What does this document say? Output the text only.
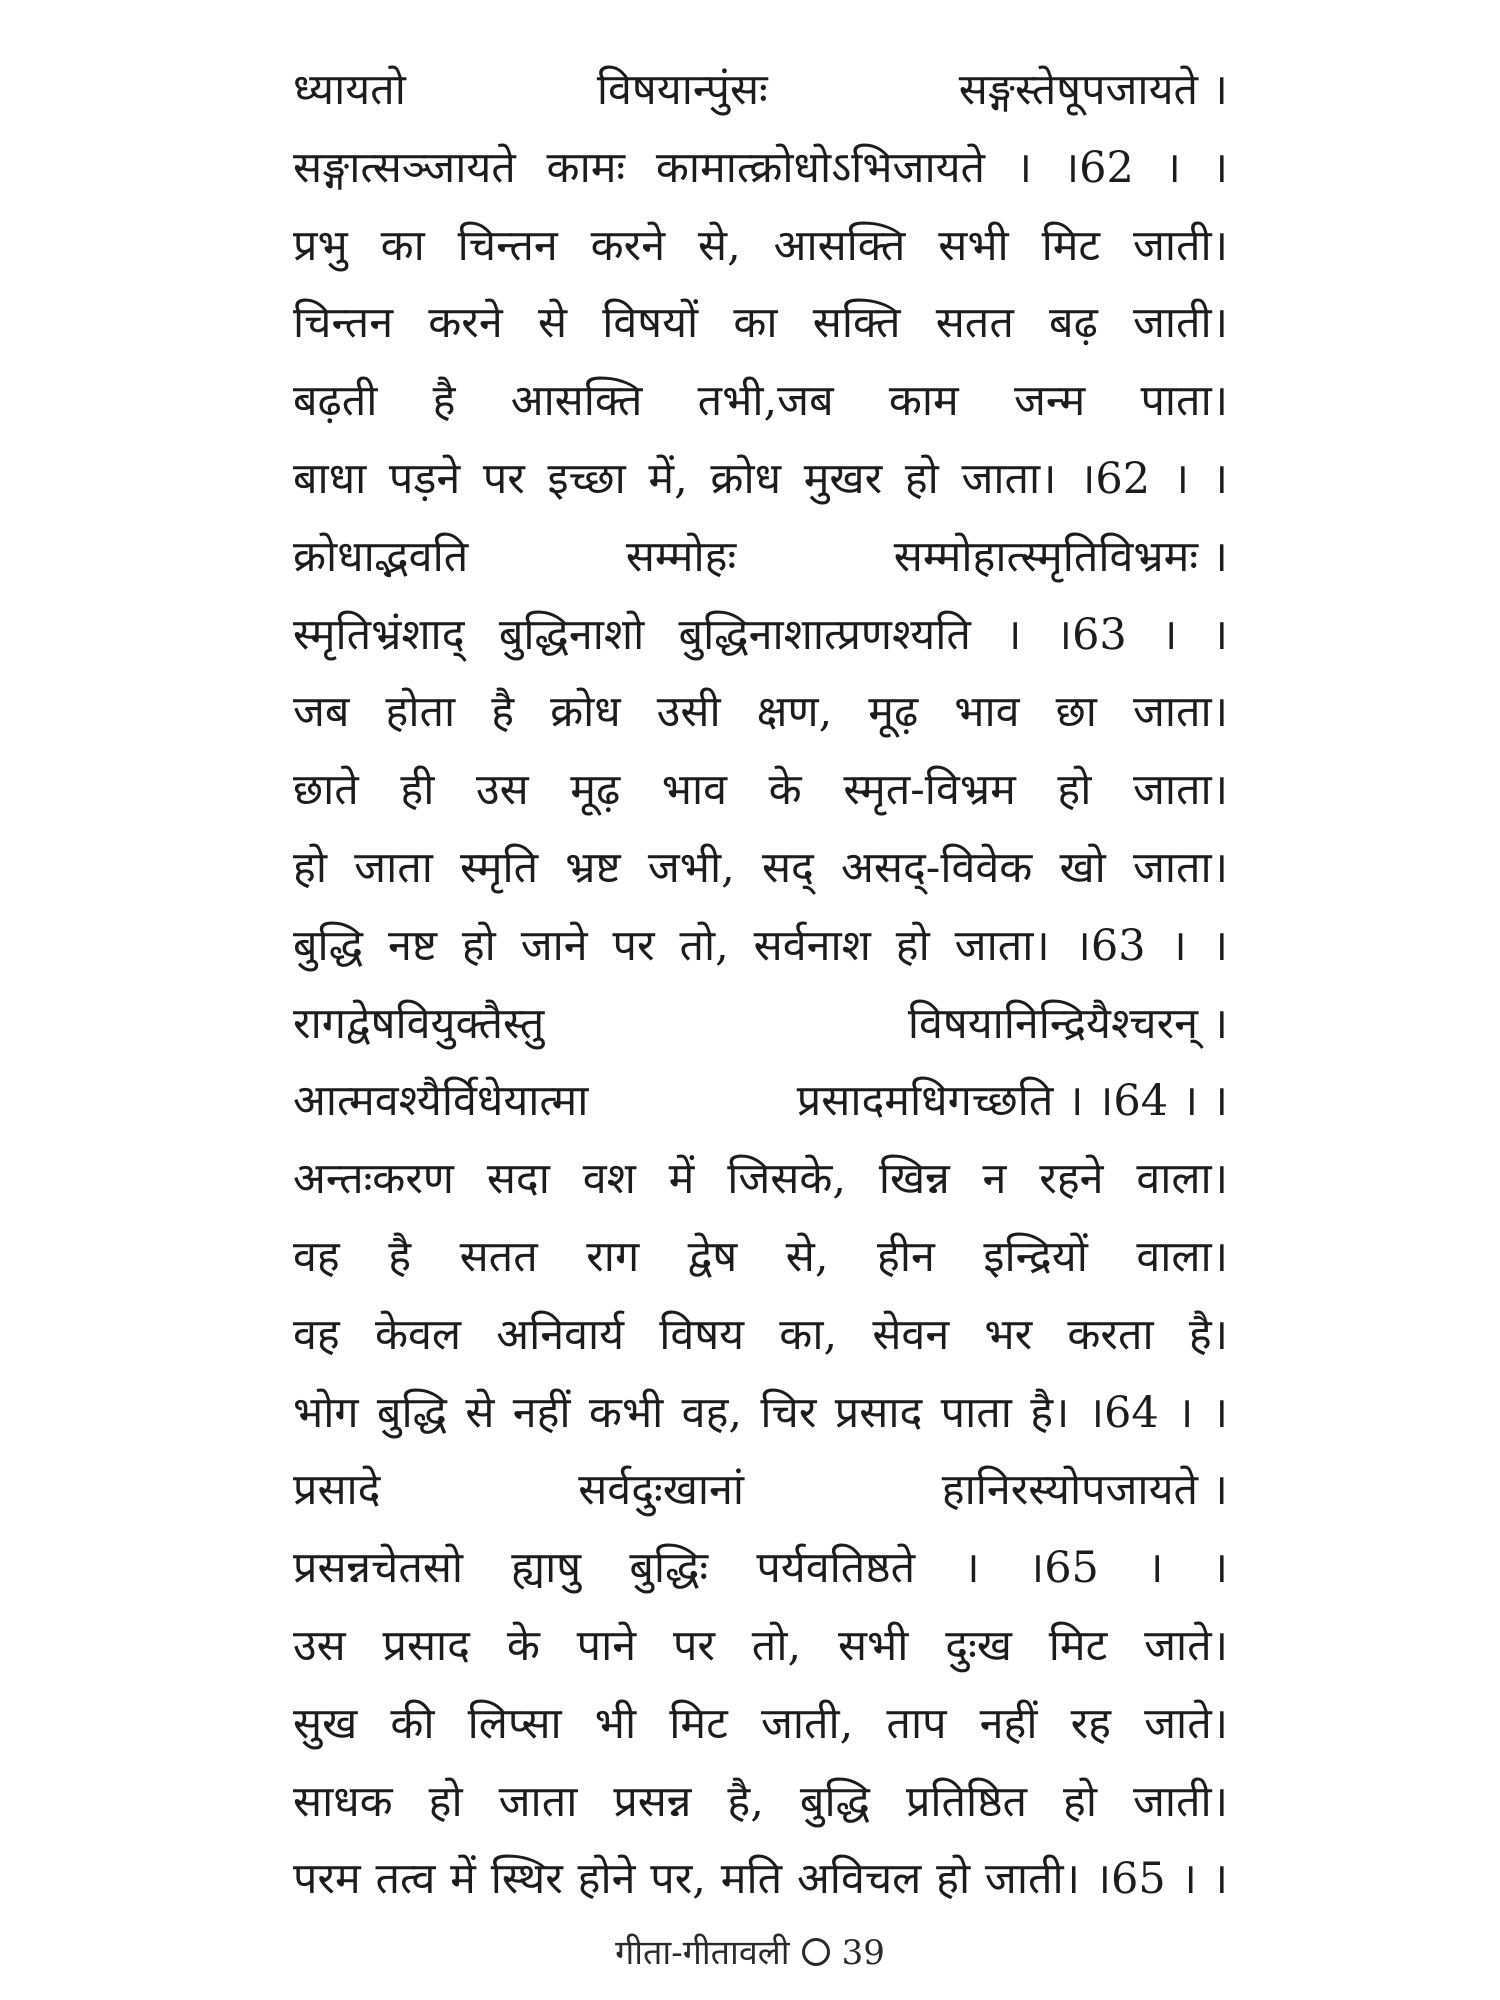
ध्यायतो	विषयान्पुंसः	सङ्गस्तेषूपजायते ।
सङ्गात्सञ्जायते कामः कामात्क्रोधोऽभिजायते । ।62 । ।
प्रभु का चिन्तन करने से, आसक्ति सभी मिट जाती।
चिन्तन करने से विषयों का सक्ति सतत बढ़ जाती।
बढ़ती है आसक्ति तभी,जब काम जन्म पाता।
बाधा पड़ने पर इच्छा में, क्रोध मुखर हो जाता। ।62 । ।
क्रोधाद्भवति	सम्मोहः	सम्मोहात्स्मृतिविभ्रमः ।
स्मृतिभ्रंशाद् बुद्धिनाशो बुद्धिनाशात्प्रणश्यति । ।63 । ।
जब होता है क्रोध उसी क्षण, मूढ़ भाव छा जाता।
छाते ही उस मूढ़ भाव के स्मृत-विभ्रम हो जाता।
हो जाता स्मृति भ्रष्ट जभी, सद् असद्-विवेक खो जाता।
बुद्धि नष्ट हो जाने पर तो, सर्वनाश हो जाता। ।63 । ।
रागद्वेषवियुक्तैस्तु	विषयानिन्द्रियैश्चरन् ।
आत्मवश्यैर्विधेयात्मा	प्रसादमधिगच्छति । ।64 । ।
अन्तःकरण सदा वश में जिसके, खिन्न न रहने वाला।
वह है सतत राग द्वेष से, हीन इन्द्रियों वाला।
वह केवल अनिवार्य विषय का, सेवन भर करता है।
भोग बुद्धि से नहीं कभी वह, चिर प्रसाद पाता है। ।64 । ।
प्रसादे	सर्वदुःखानां	हानिरस्योपजायते ।
प्रसन्नचेतसो ह्याषु बुद्धिः पर्यवतिष्ठते । ।65 । ।
उस प्रसाद के पाने पर तो, सभी दुःख मिट जाते।
सुख की लिप्सा भी मिट जाती, ताप नहीं रह जाते।
साधक हो जाता प्रसन्न है, बुद्धि प्रतिष्ठित हो जाती।
परम तत्व में स्थिर होने पर, मति अविचल हो जाती। ।65 । ।
गीता-गीतावली 39
